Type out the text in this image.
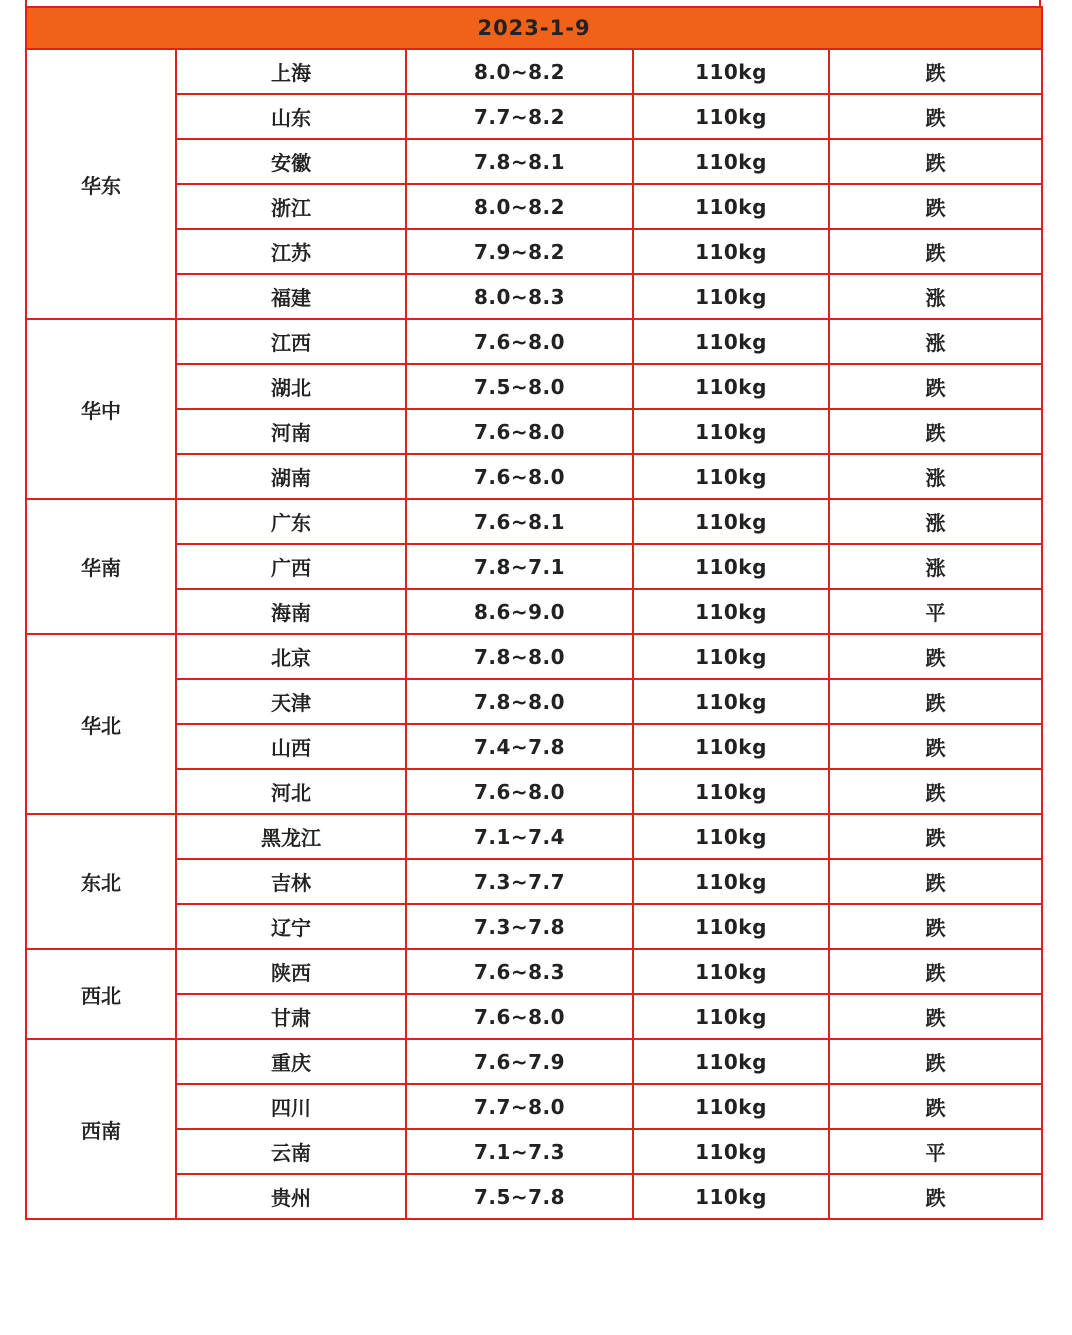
2023-1-9				
华东	上海	8.0~8.2	110kg	跌
	山东	7.7~8.2	110kg	跌
	安徽	7.8~8.1	110kg	跌
	浙江	8.0~8.2	110kg	跌
	江苏	7.9~8.2	110kg	跌
	福建	8.0~8.3	110kg	涨
华中	江西	7.6~8.0	110kg	涨
	湖北	7.5~8.0	110kg	跌
	河南	7.6~8.0	110kg	跌
	湖南	7.6~8.0	110kg	涨
华南	广东	7.6~8.1	110kg	涨
	广西	7.8~7.1	110kg	涨
	海南	8.6~9.0	110kg	平
华北	北京	7.8~8.0	110kg	跌
	天津	7.8~8.0	110kg	跌
	山西	7.4~7.8	110kg	跌
	河北	7.6~8.0	110kg	跌
东北	黑龙江	7.1~7.4	110kg	跌
	吉林	7.3~7.7	110kg	跌
	辽宁	7.3~7.8	110kg	跌
西北	陕西	7.6~8.3	110kg	跌
	甘肃	7.6~8.0	110kg	跌
西南	重庆	7.6~7.9	110kg	跌
	四川	7.7~8.0	110kg	跌
	云南	7.1~7.3	110kg	平
	贵州	7.5~7.8	110kg	跌
